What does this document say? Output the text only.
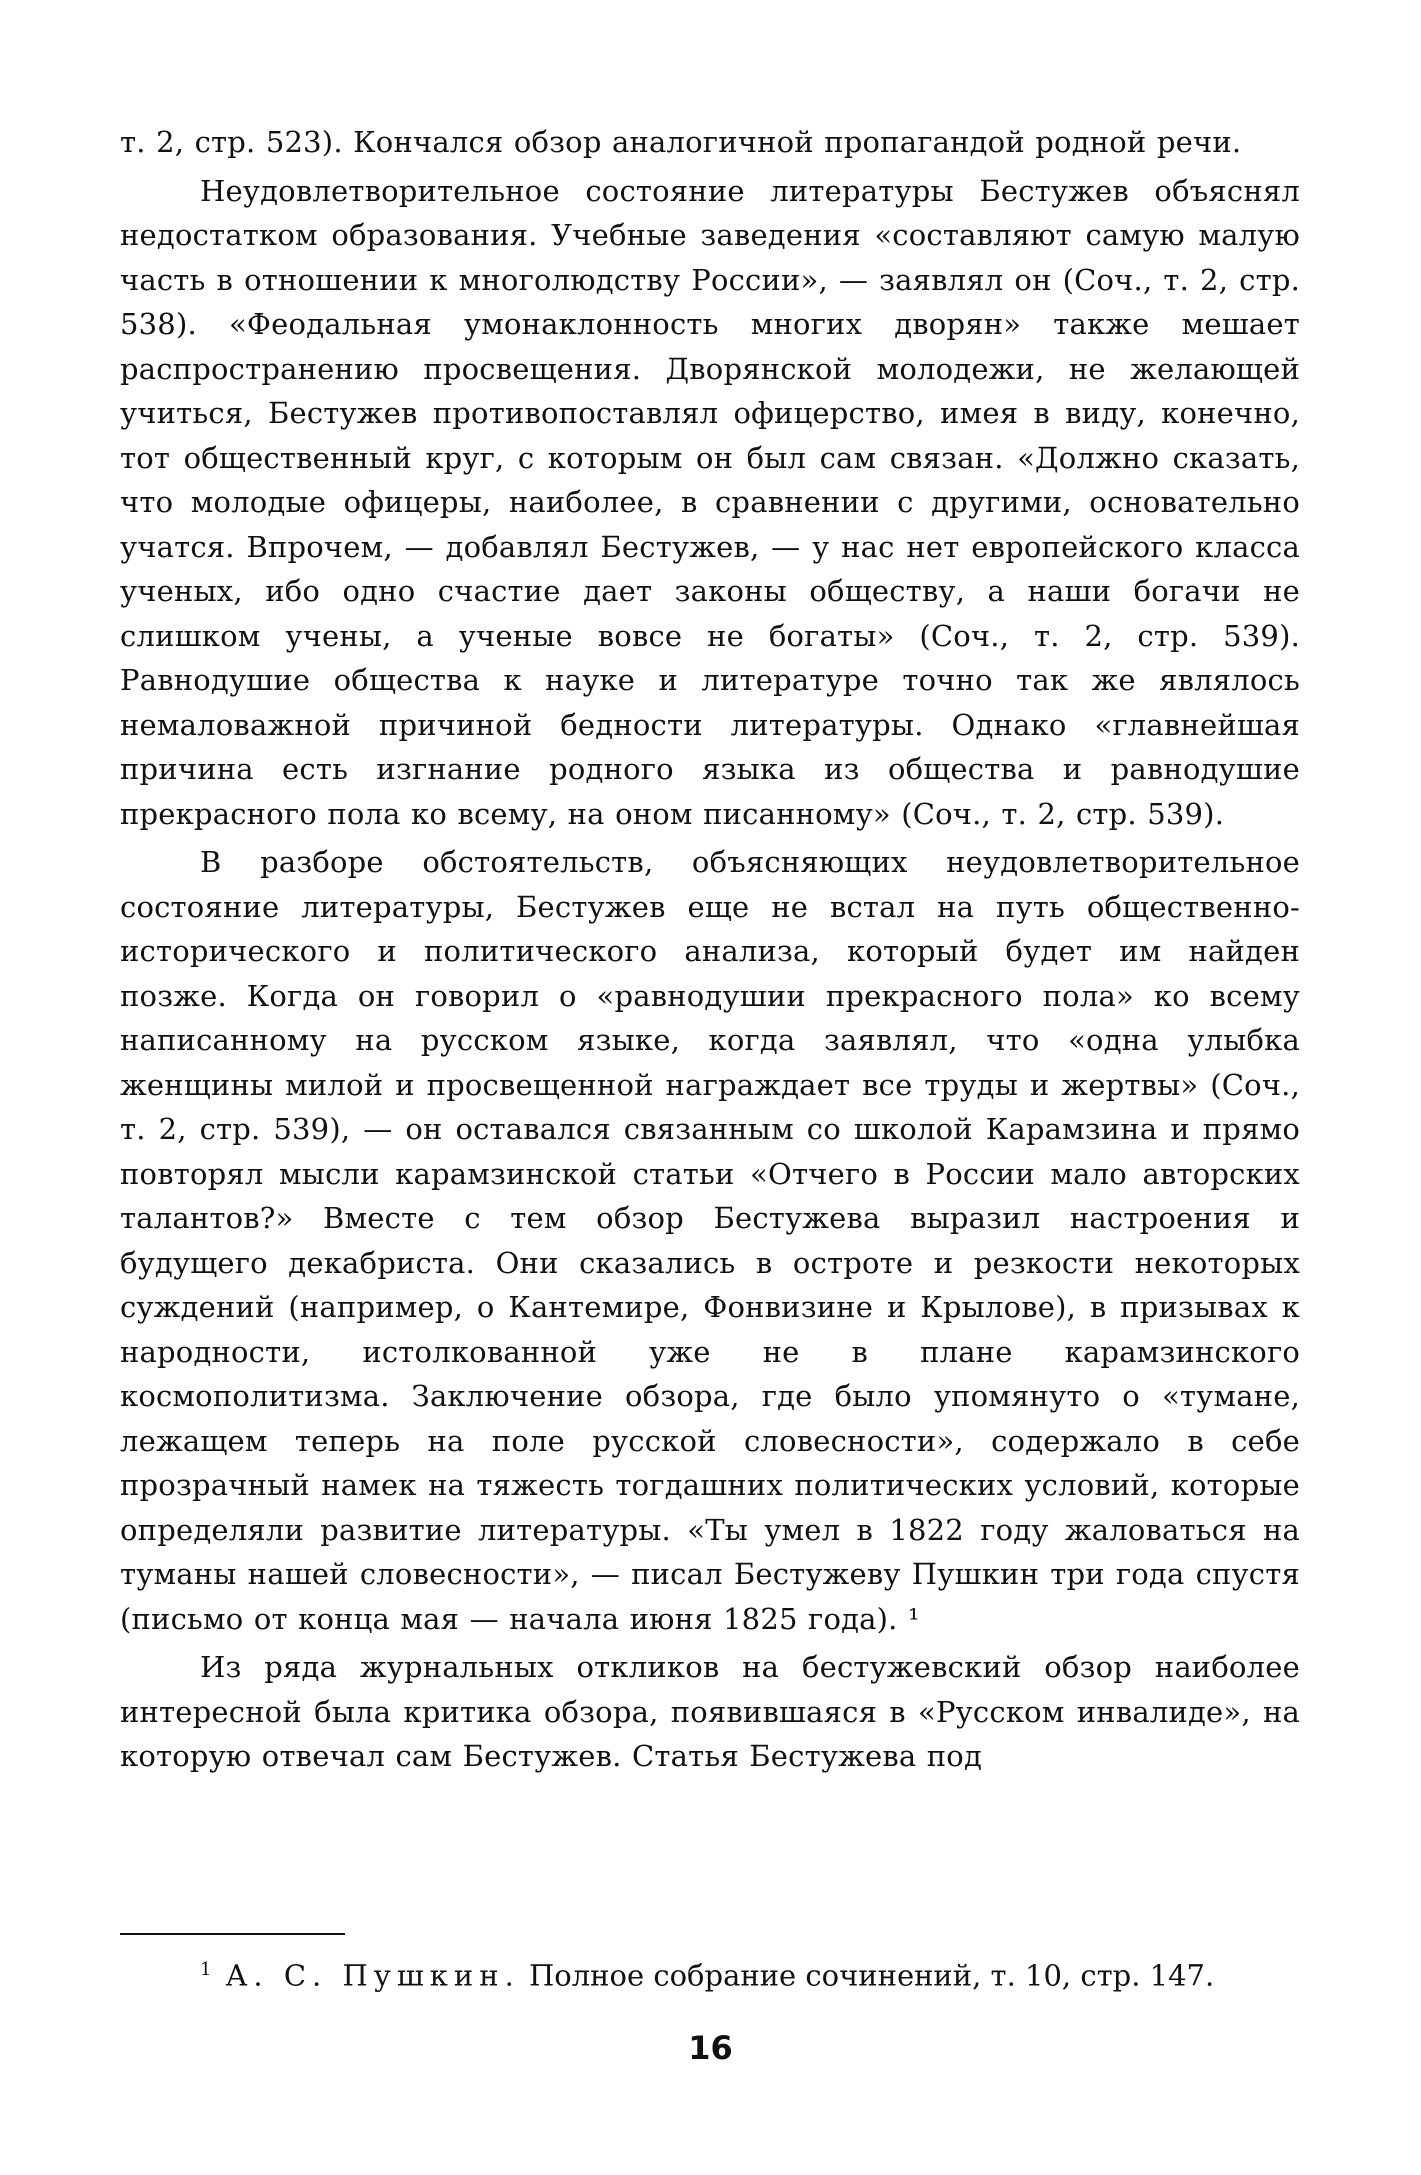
т. 2, стр. 523). Кончался обзор аналогичной пропагандой родной речи.

Неудовлетворительное состояние литературы Бестужев объяснял недостатком образования. Учебные заведения «составляют самую малую часть в отношении к многолюдству России», — заявлял он (Соч., т. 2, стр. 538). «Феодальная умонаклонность многих дворян» также мешает распространению просвещения. Дворянской молодежи, не желающей учиться, Бестужев противопоставлял офицерство, имея в виду, конечно, тот общественный круг, с которым он был сам связан. «Должно сказать, что молодые офицеры, наиболее, в сравнении с другими, основательно учатся. Впрочем, — добавлял Бестужев, — у нас нет европейского класса ученых, ибо одно счастие дает законы обществу, а наши богачи не слишком учены, а ученые вовсе не богаты» (Соч., т. 2, стр. 539). Равнодушие общества к науке и литературе точно так же являлось немаловажной причиной бедности литературы. Однако «главнейшая причина есть изгнание родного языка из общества и равнодушие прекрасного пола ко всему, на оном писанному» (Соч., т. 2, стр. 539).

В разборе обстоятельств, объясняющих неудовлетворительное состояние литературы, Бестужев еще не встал на путь общественно-исторического и политического анализа, который будет им найден позже. Когда он говорил о «равнодушии прекрасного пола» ко всему написанному на русском языке, когда заявлял, что «одна улыбка женщины милой и просвещенной награждает все труды и жертвы» (Соч., т. 2, стр. 539), — он оставался связанным со школой Карамзина и прямо повторял мысли карамзинской статьи «Отчего в России мало авторских талантов?» Вместе с тем обзор Бестужева выразил настроения и будущего декабриста. Они сказались в остроте и резкости некоторых суждений (например, о Кантемире, Фонвизине и Крылове), в призывах к народности, истолкованной уже не в плане карамзинского космополитизма. Заключение обзора, где было упомянуто о «тумане, лежащем теперь на поле русской словесности», содержало в себе прозрачный намек на тяжесть тогдашних политических условий, которые определяли развитие литературы. «Ты умел в 1822 году жаловаться на туманы нашей словесности», — писал Бестужеву Пушкин три года спустя (письмо от конца мая — начала июня 1825 года). ¹

Из ряда журнальных откликов на бестужевский обзор наиболее интересной была критика обзора, появившаяся в «Русском инвалиде», на которую отвечал сам Бестужев. Статья Бестужева под

$^1$ А. С. Пушкин. Полное собрание сочинений, т. 10, стр. 147.

16
